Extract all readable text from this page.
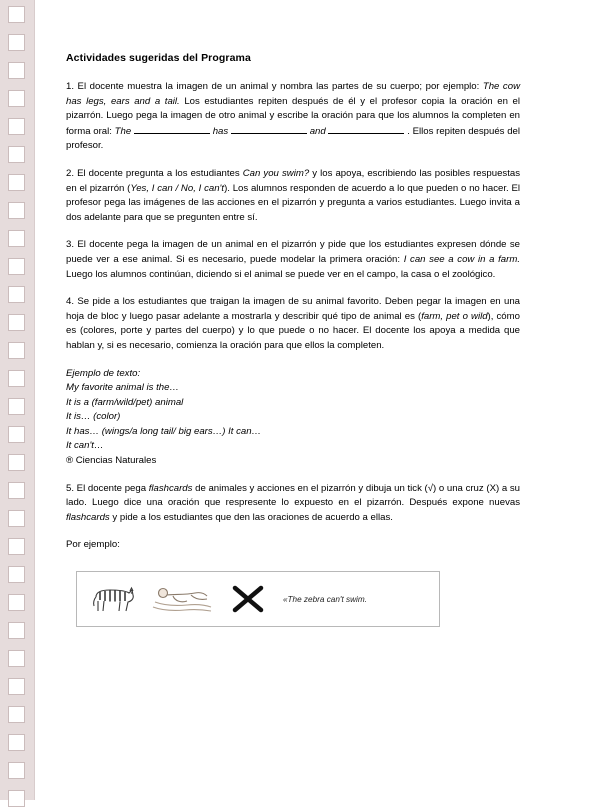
Actividades sugeridas del Programa

1. El docente muestra la imagen de un animal y nombra las partes de su cuerpo; por ejemplo: The cow has legs, ears and a tail. Los estudiantes repiten después de él y el profesor copia la oración en el pizarrón. Luego pega la imagen de otro animal y escribe la oración para que los alumnos la completen en forma oral: The	has	and	. Ellos repiten después del profesor.

2. El docente pregunta a los estudiantes Can you swim? y los apoya, escribiendo las posibles respuestas en el pizarrón (Yes, I can / No, I can't). Los alumnos responden de acuerdo a lo que pueden o no hacer. El profesor pega las imágenes de las acciones en el pizarrón y pregunta a varios estudiantes. Luego invita a dos adelante para que se pregunten entre sí.

3. El docente pega la imagen de un animal en el pizarrón y pide que los estudiantes expresen dónde se puede ver a ese animal. Si es necesario, puede modelar la primera oración: I can see a cow in a farm. Luego los alumnos continúan, diciendo si el animal se puede ver en el campo, la casa o el zoológico.

4. Se pide a los estudiantes que traigan la imagen de su animal favorito. Deben pegar la imagen en una hoja de bloc y luego pasar adelante a mostrarla y describir qué tipo de animal es (farm, pet o wild), cómo es (colores, porte y partes del cuerpo) y lo que puede o no hacer. El docente los apoya a medida que hablan y, si es necesario, comienza la oración para que ellos la completen.

Ejemplo de texto:
My favorite animal is the…
It is a (farm/wild/pet) animal
It is… (color)
It has… (wings/a long tail/ big ears…) It can…
It can't…
® Ciencias Naturales

5. El docente pega flashcards de animales y acciones en el pizarrón y dibuja un tick (√) o una cruz (X) a su lado. Luego dice una oración que respresente lo expuesto en el pizarrón. Después expone nuevas flashcards y pide a los estudiantes que den las oraciones de acuerdo a ellas.

Por ejemplo:

«The zebra can't swim.
